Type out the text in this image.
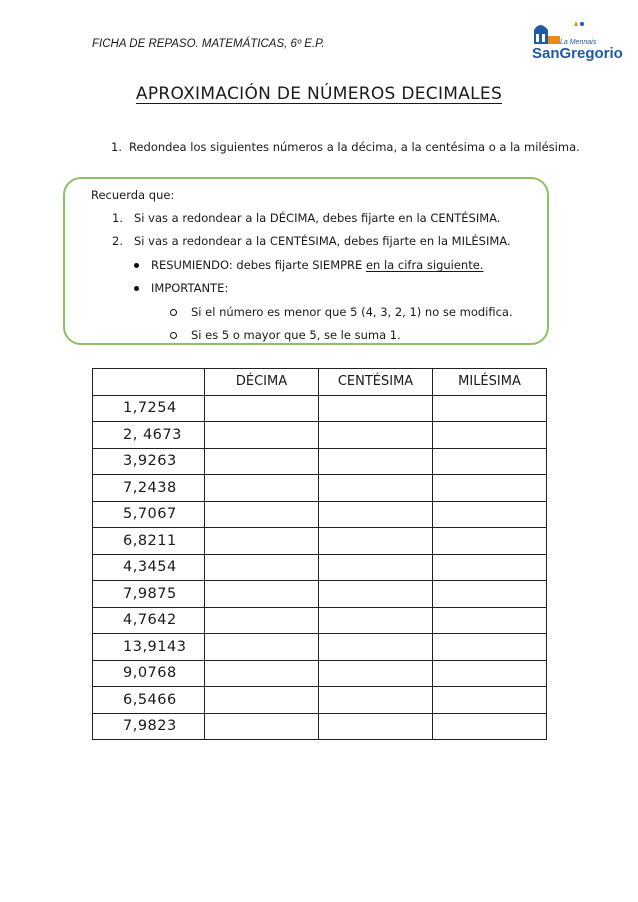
FICHA DE REPASO. MATEMÁTICAS, 6º E.P.	La Mennais
SanGregorio
APROXIMACIÓN DE NÚMEROS DECIMALES
1. Redondea los siguientes números a la décima, a la centésima o a la milésima.
Recuerda que:
1. Si vas a redondear a la DÉCIMA, debes fijarte en la CENTÉSIMA.
2. Si vas a redondear a la CENTÉSIMA, debes fijarte en la MILÉSIMA.
RESUMIENDO: debes fijarte SIEMPRE en la cifra siguiente.
IMPORTANTE:
Si el número es menor que 5 (4, 3, 2, 1) no se modifica.
Si es 5 o mayor que 5, se le suma 1.
	DÉCIMA	CENTÉSIMA	MILÉSIMA
1,7254			
2, 4673			
3,9263			
7,2438			
5,7067			
6,8211			
4,3454			
7,9875			
4,7642			
13,9143			
9,0768			
6,5466			
7,9823			
